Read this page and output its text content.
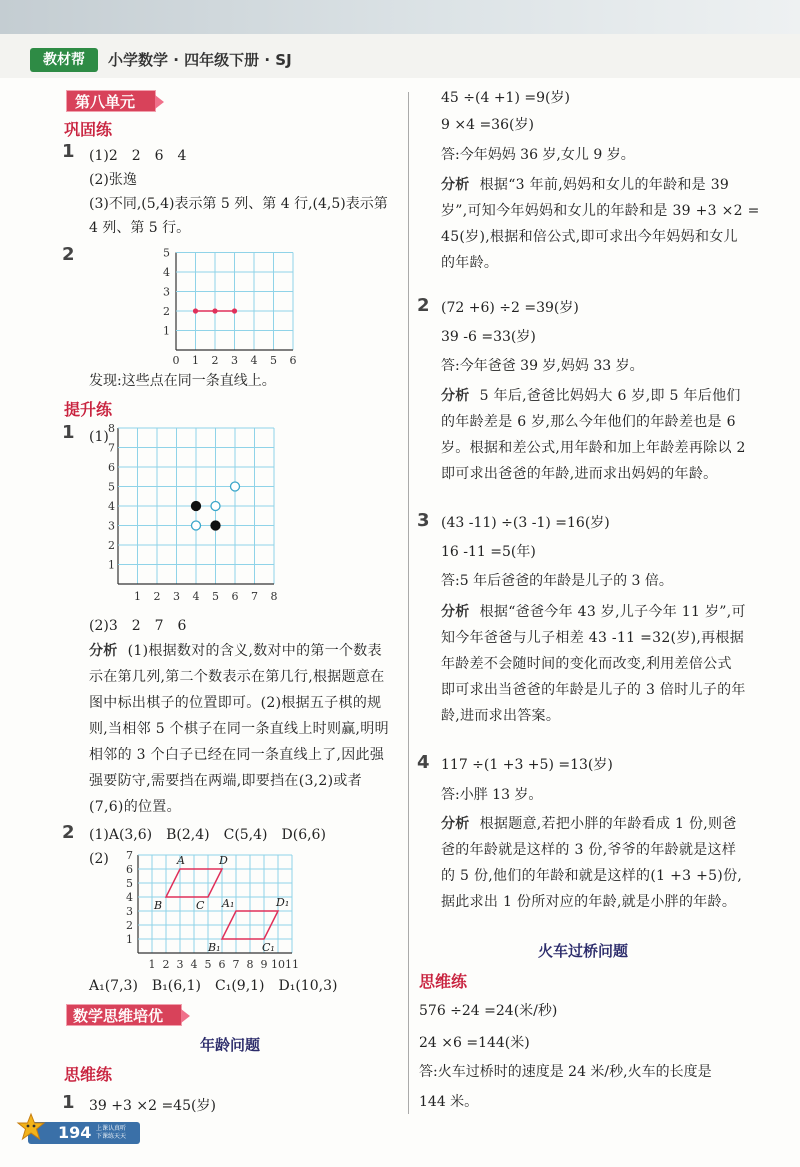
教材帮	小学数学 · 四年级下册 · SJ
第八单元
巩固练
1 (1)2　2　6　4
(2)张逸
(3)不同,(5,4)表示第 5 列、第 4 行,(4,5)表示第
4 列、第 5 行。
2
0 1 2 3 4 5 6
1
2
3
4
5
发现:这些点在同一条直线上。
提升练
1 (1)
1 2 3 4 5 6 7 8
1
2
3
4
5
6
7
8
(2)3　2　7　6
分析 (1)根据数对的含义,数对中的第一个数表
示在第几列,第二个数表示在第几行,根据题意在
图中标出棋子的位置即可。(2)根据五子棋的规
则,当相邻 5 个棋子在同一条直线上时则赢,明明
相邻的 3 个白子已经在同一条直线上了,因此强
强要防守,需要挡在两端,即要挡在(3,2)或者
(7,6)的位置。
2 (1)A(3,6)　B(2,4)　C(5,4)　D(6,6)
(2)
1 2 3 4 5 6 7 8 9 10 11
1
2
3
4
5
6
7	A	D
C
B	A₁	D₁
C₁
B₁
A₁(7,3)　B₁(6,1)　C₁(9,1)　D₁(10,3)
数学思维培优
年龄问题
思维练
1 39 +3 ×2 =45(岁)
45 ÷(4 +1) =9(岁)
9 ×4 =36(岁)
答:今年妈妈 36 岁,女儿 9 岁。
分析 根据“3 年前,妈妈和女儿的年龄和是 39
岁”,可知今年妈妈和女儿的年龄和是 39 +3 ×2 =
45(岁),根据和倍公式,即可求出今年妈妈和女儿
的年龄。
2 (72 +6) ÷2 =39(岁)
39 -6 =33(岁)
答:今年爸爸 39 岁,妈妈 33 岁。
分析 5 年后,爸爸比妈妈大 6 岁,即 5 年后他们
的年龄差是 6 岁,那么今年他们的年龄差也是 6
岁。根据和差公式,用年龄和加上年龄差再除以 2
即可求出爸爸的年龄,进而求出妈妈的年龄。
3 (43 -11) ÷(3 -1) =16(岁)
16 -11 =5(年)
答:5 年后爸爸的年龄是儿子的 3 倍。
分析 根据“爸爸今年 43 岁,儿子今年 11 岁”,可
知今年爸爸与儿子相差 43 -11 =32(岁),再根据
年龄差不会随时间的变化而改变,利用差倍公式
即可求出当爸爸的年龄是儿子的 3 倍时儿子的年
龄,进而求出答案。
4 117 ÷(1 +3 +5) =13(岁)
答:小胖 13 岁。
分析 根据题意,若把小胖的年龄看成 1 份,则爸
爸的年龄就是这样的 3 份,爷爷的年龄就是这样
的 5 份,他们的年龄和就是这样的(1 +3 +5)份,
据此求出 1 份所对应的年龄,就是小胖的年龄。
火车过桥问题
思维练
576 ÷24 =24(米/秒)
24 ×6 =144(米)
答:火车过桥时的速度是 24 米/秒,火车的长度是
144 米。
194 上课认真听
下课练天天
